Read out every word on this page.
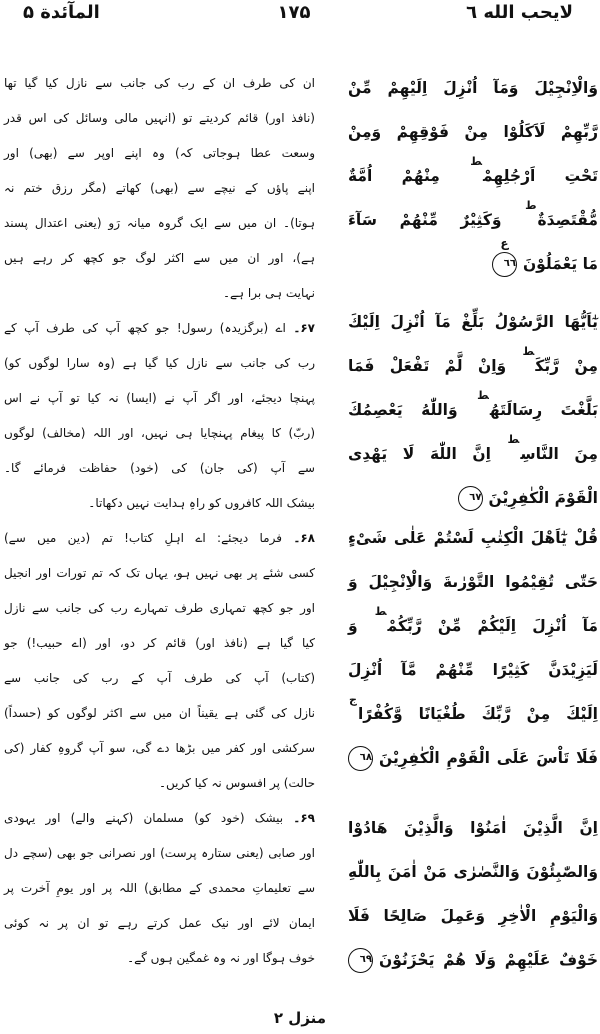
المآئدة ۵	۱۷۵	لايحب الله ٦
وَالْاِنْجِيْلَ وَمَآ اُنْزِلَ اِلَيْهِمْ مِّنْ
رَّبِّهِمْ لَاَكَلُوْا مِنْ فَوْقِهِمْ وَمِنْ
تَحْتِ اَرْجُلِهِمْ$^ط$ مِنْهُمْ اُمَّةٌ
مُّقْتَصِدَةٌ$^ط$ وَكَثِيْرٌ مِّنْهُمْ سَآءَ
مَا يَعْمَلُوْنَ
ع
٦٦
يٰٓاَيُّهَا الرَّسُوْلُ بَلِّغْ مَآ اُنْزِلَ اِلَيْكَ
مِنْ رَّبِّكَ$^ط$ وَاِنْ لَّمْ تَفْعَلْ فَمَا
بَلَّغْتَ رِسَالَتَهُ$^ط$ وَاللّٰهُ يَعْصِمُكَ
مِنَ النَّاسِ$^ط$ اِنَّ اللّٰهَ لَا يَهْدِى
الْقَوْمَ الْكٰفِرِيْنَ٦٧
قُلْ يٰٓاَهْلَ الْكِتٰبِ لَسْتُمْ عَلٰى شَىْءٍ
حَتّٰى تُقِيْمُوا التَّوْرٰىةَ وَالْاِنْجِيْلَ وَ
مَآ اُنْزِلَ اِلَيْكُمْ مِّنْ رَّبِّكُمْ$^ط$ وَ
لَيَزِيْدَنَّ كَثِيْرًا مِّنْهُمْ مَّآ اُنْزِلَ
اِلَيْكَ مِنْ رَّبِّكَ طُغْيَانًا وَّكُفْرًا$^ج$
فَلَا تَاْسَ عَلَى الْقَوْمِ الْكٰفِرِيْنَ٦٨
اِنَّ الَّذِيْنَ اٰمَنُوْا وَالَّذِيْنَ هَادُوْا
وَالصّٰبِئُوْنَ وَالنَّصٰرٰى مَنْ اٰمَنَ بِاللّٰهِ
وَالْيَوْمِ الْاٰخِرِ وَعَمِلَ صَالِحًا فَلَا
خَوْفٌ عَلَيْهِمْ وَلَا هُمْ يَحْزَنُوْنَ٦٩
ان کی طرف ان کے رب کی جانب سے نازل کیا گیا تھا
(نافذ اور) قائم کردیتے تو (انہیں مالی وسائل کی اس قدر
وسعت عطا ہوجاتی کہ) وہ اپنے اوپر سے (بھی) اور
اپنے پاؤں کے نیچے سے (بھی) کھاتے (مگر رزق ختم نہ
ہوتا)۔ ان میں سے ایک گروہ میانہ رَو (یعنی اعتدال پسند
ہے)، اور ان میں سے اکثر لوگ جو کچھ کر رہے ہیں
نہایت ہی برا ہے۔
۶۷۔ اے (برگزیدہ) رسول! جو کچھ آپ کی طرف آپ کے
رب کی جانب سے نازل کیا گیا ہے (وہ سارا لوگوں کو)
پہنچا دیجئے، اور اگر آپ نے (ایسا) نہ کیا تو آپ نے اس
(ربّ) کا پیغام پہنچایا ہی نہیں، اور اللہ (مخالف) لوگوں
سے آپ (کی جان) کی (خود) حفاظت فرمائے گا۔
بیشک اللہ کافروں کو راہِ ہدایت نہیں دکھاتا۔
۶۸۔ فرما دیجئے: اے اہلِ کتاب! تم (دین میں سے)
کسی شئے پر بھی نہیں ہو، یہاں تک کہ تم تورات اور انجیل
اور جو کچھ تمہاری طرف تمہارے رب کی جانب سے نازل
کیا گیا ہے (نافذ اور) قائم کر دو، اور (اے حبیب!) جو
(کتاب) آپ کی طرف آپ کے رب کی جانب سے
نازل کی گئی ہے یقیناً ان میں سے اکثر لوگوں کو (حسداً)
سرکشی اور کفر میں بڑھا دے گی، سو آپ گروہِ کفار (کی
حالت) پر افسوس نہ کیا کریں۔
۶۹۔ بیشک (خود کو) مسلمان (کہنے والے) اور یہودی
اور صابی (یعنی ستارہ پرست) اور نصرانی جو بھی (سچے دل
سے تعلیماتِ محمدی کے مطابق) اللہ پر اور یومِ آخرت پر
ایمان لائے اور نیک عمل کرتے رہے تو ان پر نہ کوئی
خوف ہوگا اور نہ وہ غمگین ہوں گے۔
منزل ۲
